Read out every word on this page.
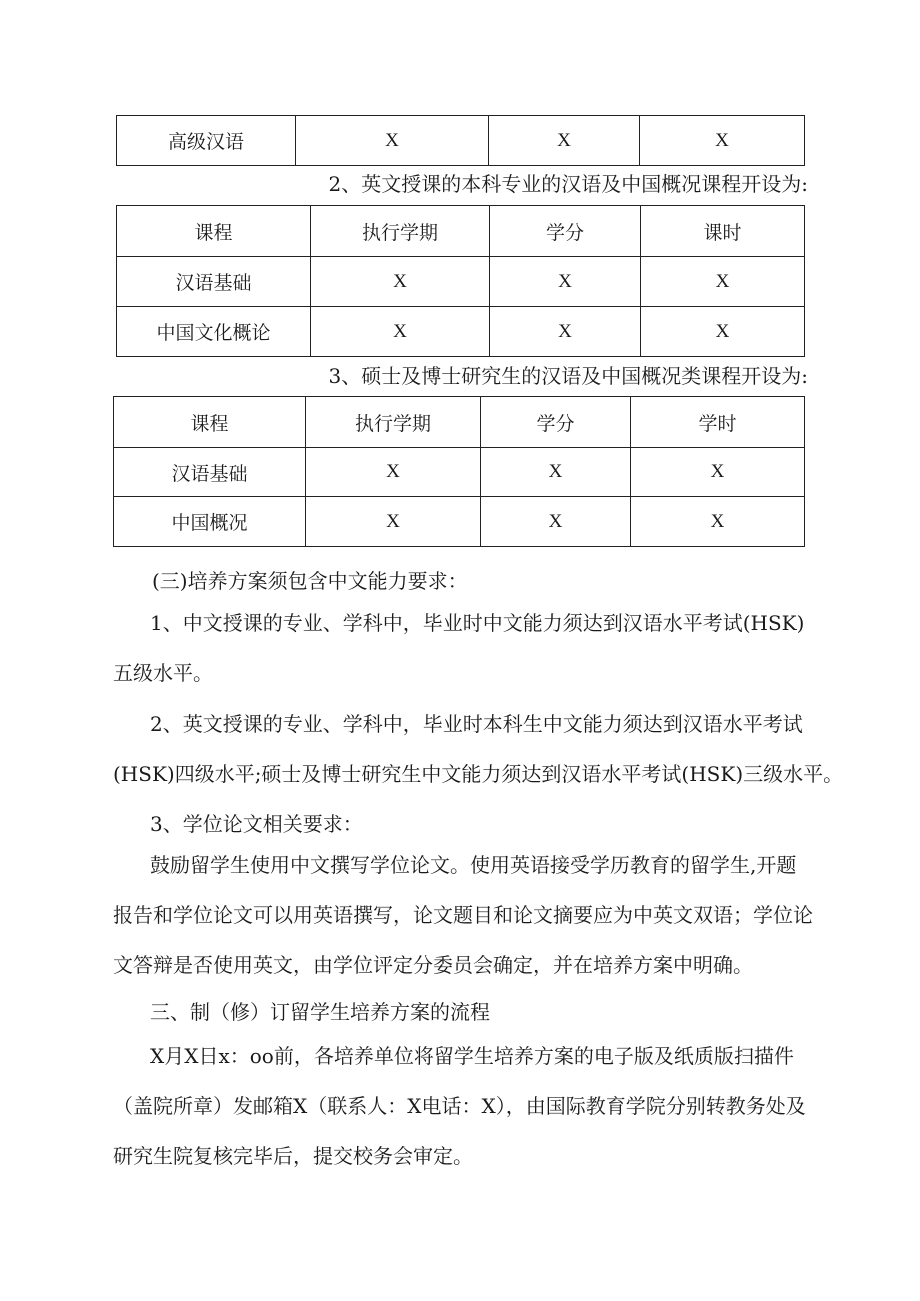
高级汉语	X	X	X
2、英文授课的本科专业的汉语及中国概况课程开设为:
课程	执行学期	学分	课时
汉语基础	X	X	X
中国文化概论	X	X	X
3、硕士及博士研究生的汉语及中国概况类课程开设为:
课程	执行学期	学分	学时
汉语基础	X	X	X
中国概况	X	X	X
(三)培养方案须包含中文能力要求：

1、中文授课的专业、学科中，毕业时中文能力须达到汉语水平考试(HSK)五级水平。

2、英文授课的专业、学科中，毕业时本科生中文能力须达到汉语水平考试
(HSK)四级水平;硕士及博士研究生中文能力须达到汉语水平考试(HSK)三级水平。
3、学位论文相关要求：

鼓励留学生使用中文撰写学位论文。使用英语接受学历教育的留学生,开题报告和学位论文可以用英语撰写，论文题目和论文摘要应为中英文双语；学位论文答辩是否使用英文，由学位评定分委员会确定，并在培养方案中明确。

三、制（修）订留学生培养方案的流程

X月X日x：oo前，各培养单位将留学生培养方案的电子版及纸质版扫描件（盖院所章）发邮箱X（联系人：X电话：X），由国际教育学院分别转教务处及研究生院复核完毕后，提交校务会审定。
